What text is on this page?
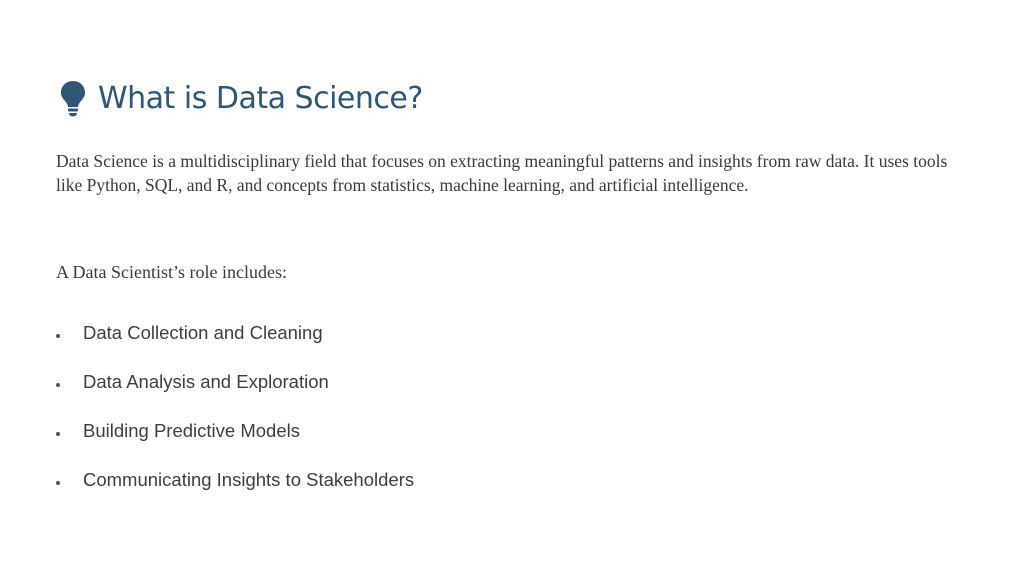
What is Data Science?

Data Science is a multidisciplinary field that focuses on extracting meaningful patterns and insights from raw data. It uses tools like Python, SQL, and R, and concepts from statistics, machine learning, and artificial intelligence.

A Data Scientist’s role includes:

Data Collection and Cleaning
Data Analysis and Exploration
Building Predictive Models
Communicating Insights to Stakeholders
